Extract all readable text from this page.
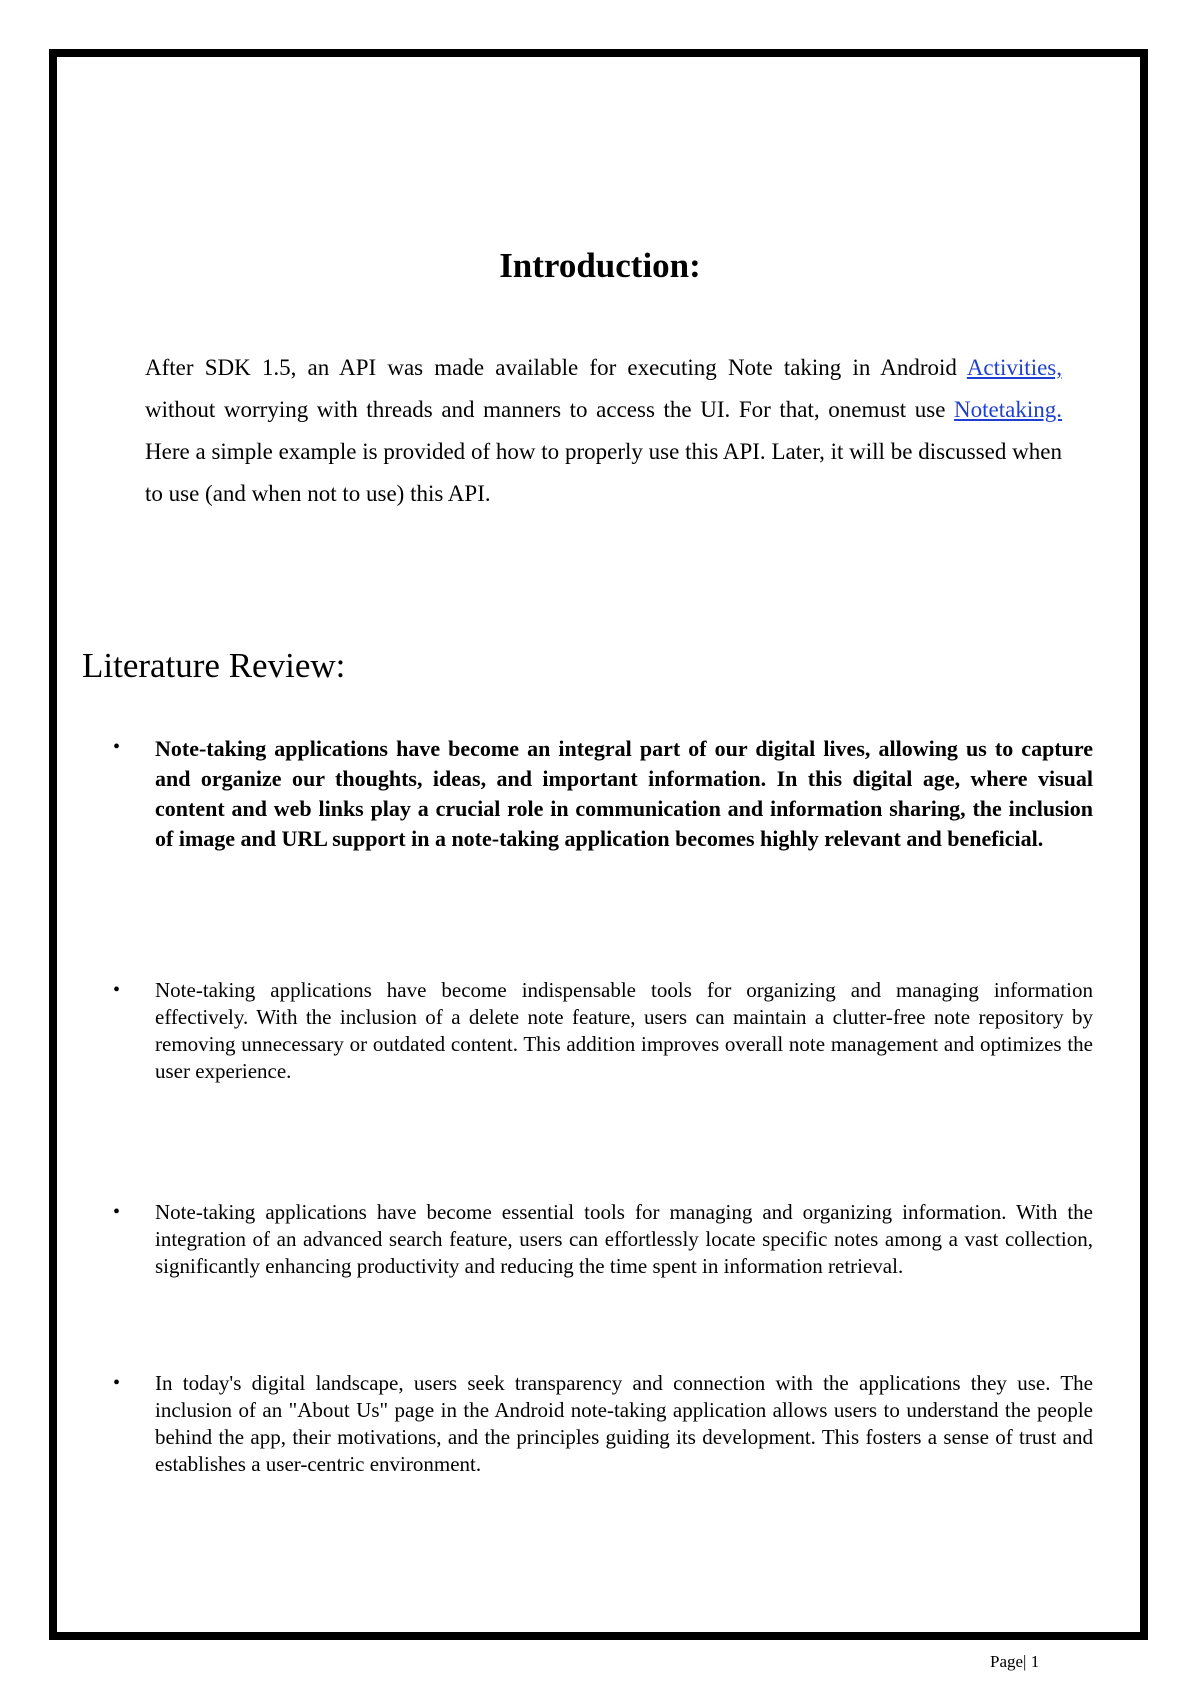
Introduction:

After SDK 1.5, an API was made available for executing Note taking in Android Activities, without worrying with threads and manners to access the UI. For that, onemust use Notetaking. Here a simple example is provided of how to properly use this API. Later, it will be discussed when to use (and when not to use) this API.

Literature Review:
•	Note-taking applications have become an integral part of our digital lives, allowing us to capture and organize our thoughts, ideas, and important information. In this digital age, where visual content and web links play a crucial role in communication and information sharing, the inclusion of image and URL support in a note-taking application becomes highly relevant and beneficial.
•	Note-taking applications have become indispensable tools for organizing and managing information effectively. With the inclusion of a delete note feature, users can maintain a clutter-free note repository by removing unnecessary or outdated content. This addition improves overall note management and optimizes the user experience.
•	Note-taking applications have become essential tools for managing and organizing information. With the integration of an advanced search feature, users can effortlessly locate specific notes among a vast collection, significantly enhancing productivity and reducing the time spent in information retrieval.
•	In today's digital landscape, users seek transparency and connection with the applications they use. The inclusion of an "About Us" page in the Android note-taking application allows users to understand the people behind the app, their motivations, and the principles guiding its development. This fosters a sense of trust and establishes a user-centric environment.
Page| 1
